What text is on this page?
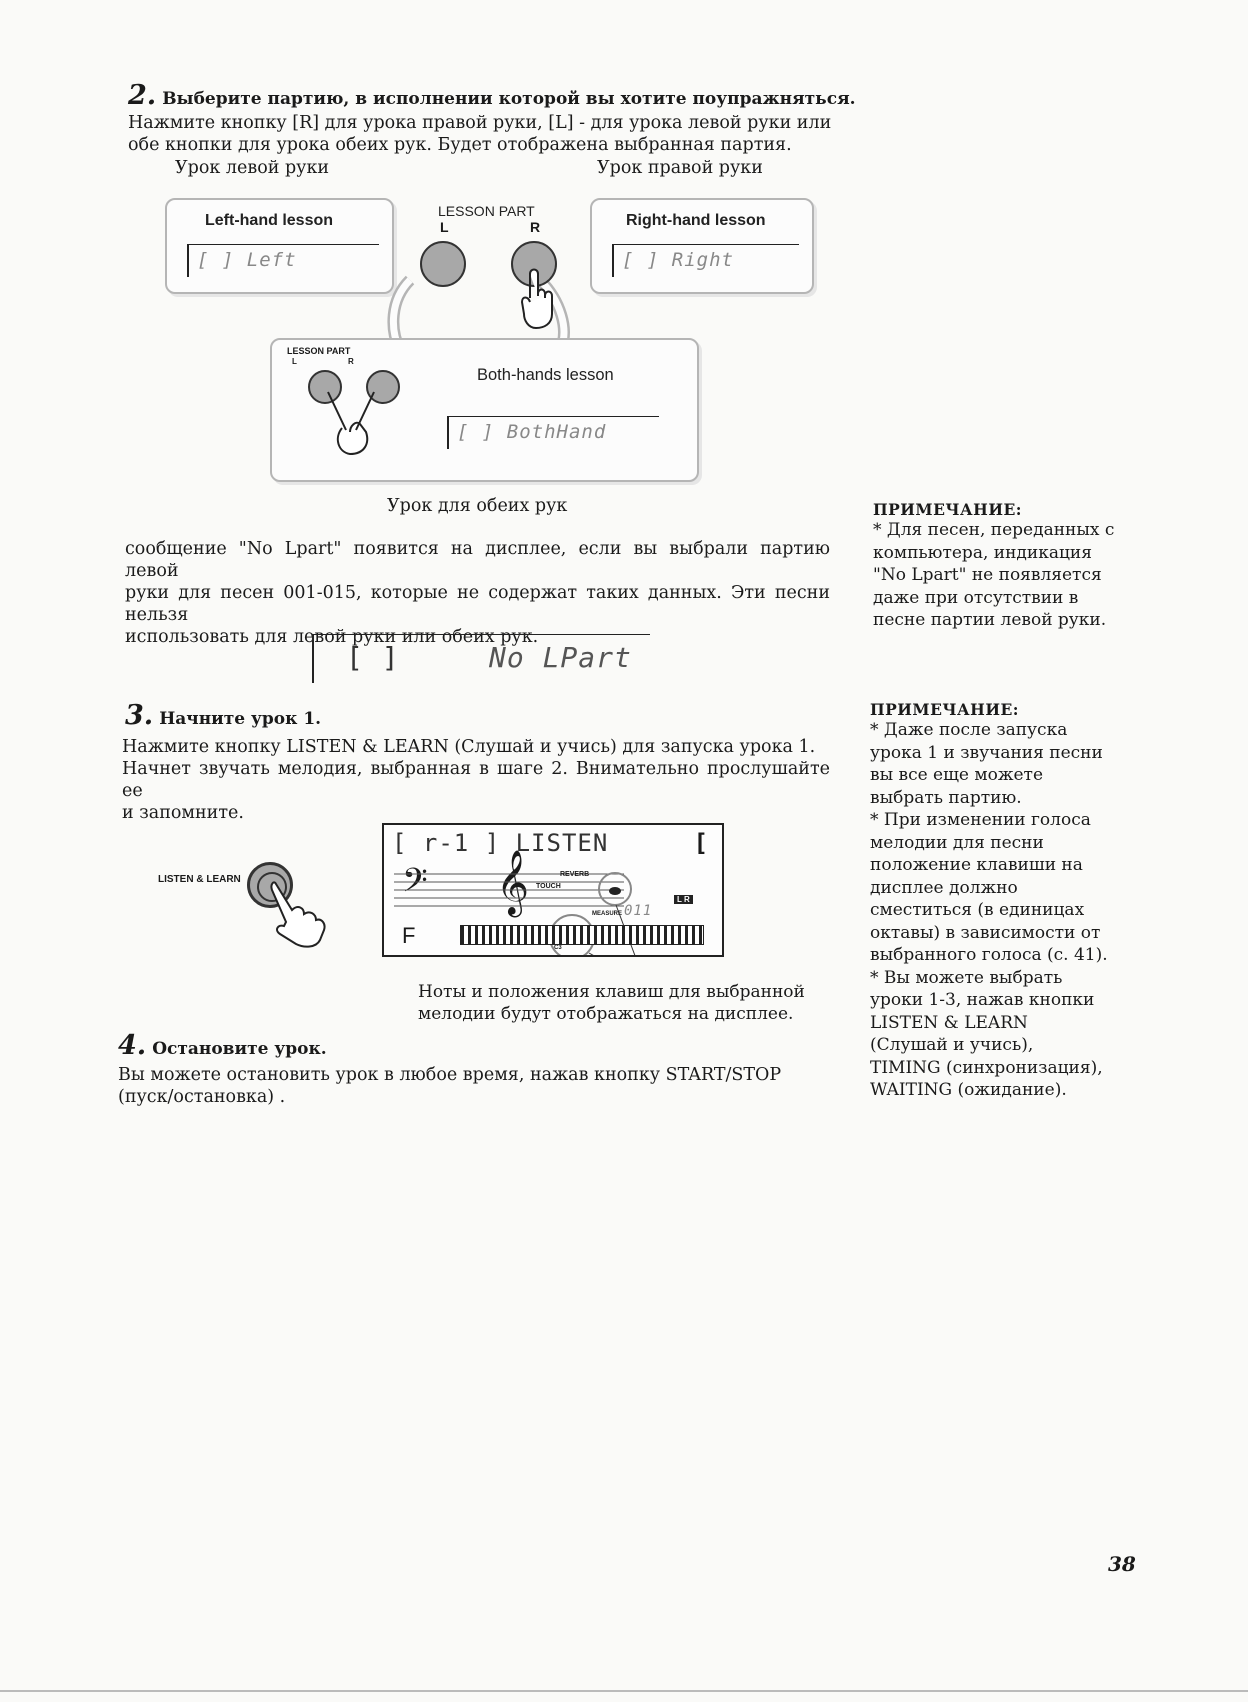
2. Выберите партию, в исполнении которой вы хотите поупражняться.
Нажмите кнопку [R] для урока правой руки, [L] - для урока левой руки или
обе кнопки для урока обеих рук. Будет отображена выбранная партия.
Урок левой руки	Урок правой руки
Left-hand lesson
[ ] Left
Right-hand lesson
[ ] Right
LESSON PART
L	R
LESSON PART
L	R
Both-hands lesson
[ ] BothHand
Урок для обеих рук
сообщение "No Lpart" появится на дисплее, если вы выбрали партию левой
руки для песен 001-015, которые не содержат таких данных. Эти песни нельзя
использовать для левой руки или обеих рук.
[ ]	No LPart
3. Начните урок 1.
Нажмите кнопку LISTEN & LEARN (Слушай и учись) для запуска урока 1.
Начнет звучать мелодия, выбранная в шаге 2. Внимательно прослушайте ее
и запомните.
LISTEN & LEARN
[ r-1 ] LISTEN	[
𝄢 𝄞	REVERB
TOUCH
MEASURE 011
L R
F	C3
Ноты и положения клавиш для выбранной
мелодии будут отображаться на дисплее.
4. Остановите урок.
Вы можете остановить урок в любое время, нажав кнопку START/STOP
(пуск/остановка) .
ПРИМЕЧАНИЕ:
* Для песен, переданных с
компьютера, индикация
"No Lpart" не появляется
даже при отсутствии в
песне партии левой руки.
ПРИМЕЧАНИЕ:
* Даже после запуска
урока 1 и звучания песни
вы все еще можете
выбрать партию.
* При изменении голоса
мелодии для песни
положение клавиши на
дисплее должно
сместиться (в единицах
октавы) в зависимости от
выбранного голоса (с. 41).
* Вы можете выбрать
уроки 1-3, нажав кнопки
LISTEN & LEARN
(Слушай и учись),
TIMING (синхронизация),
WAITING (ожидание).
38
